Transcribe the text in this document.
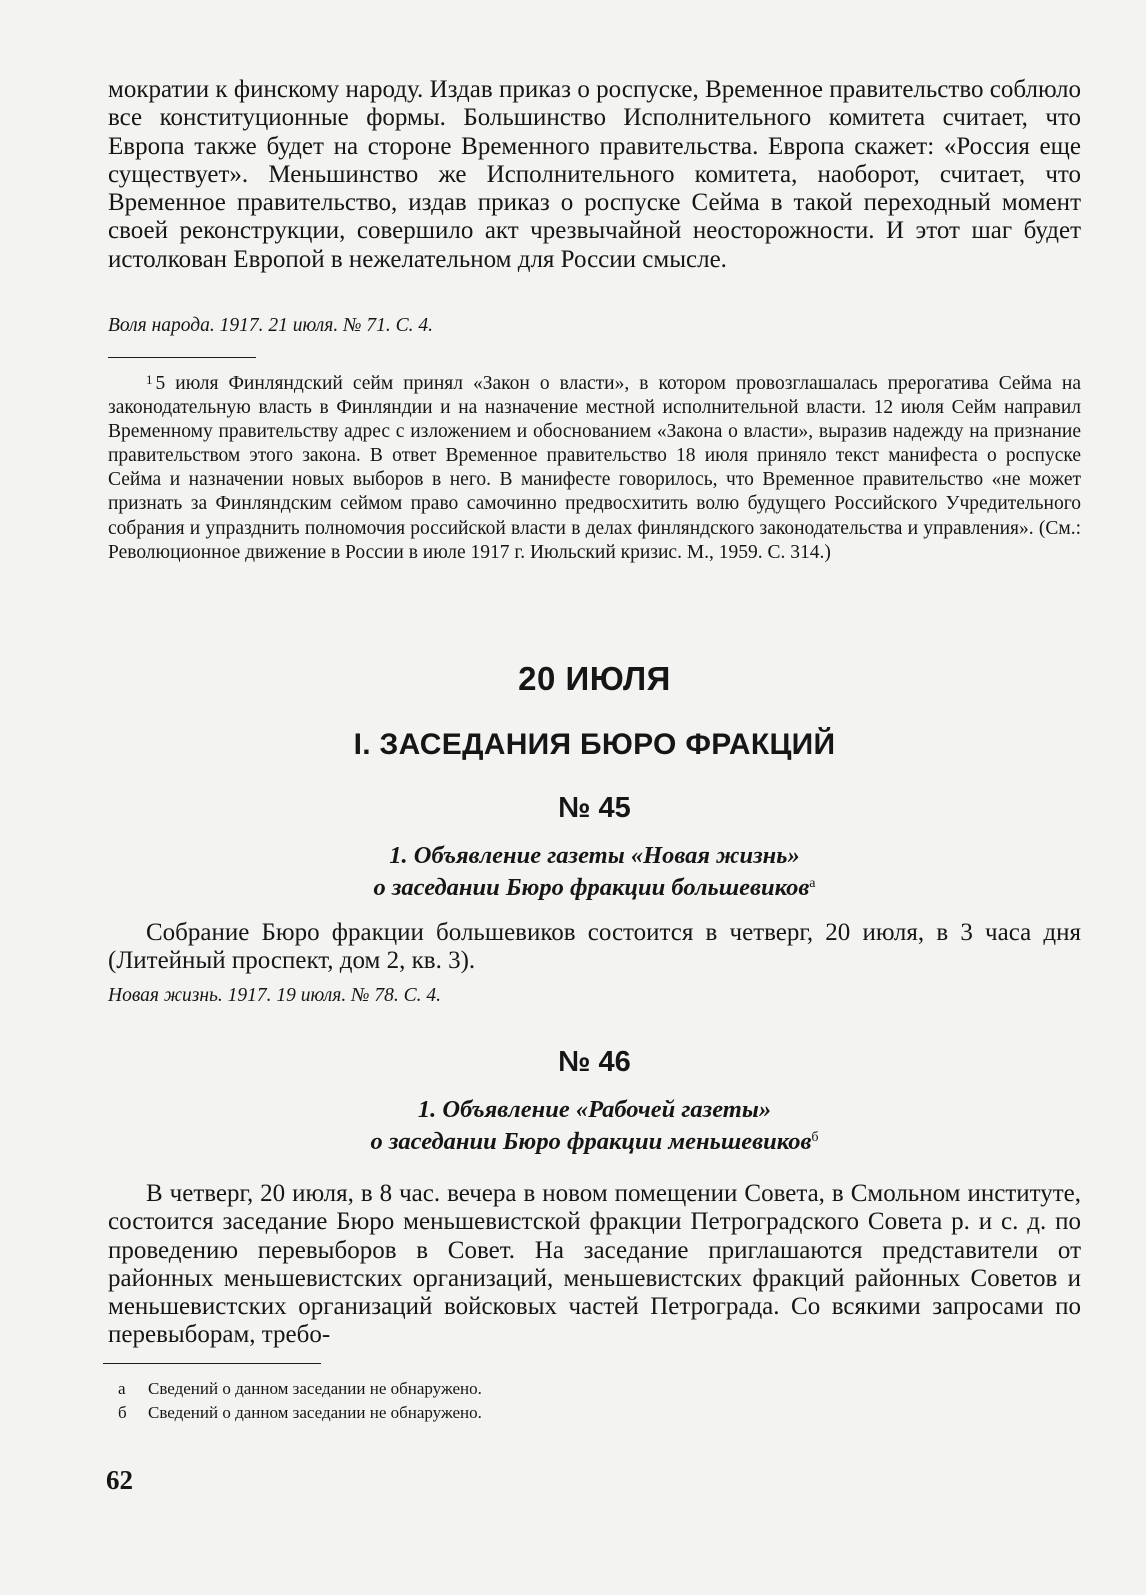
мократии к финскому народу. Издав приказ о роспуске, Временное правительство соблюло все конституционные формы. Большинство Исполнительного комитета считает, что Европа также будет на стороне Временного правительства. Европа скажет: «Россия еще существует». Меньшинство же Исполнительного комитета, наоборот, считает, что Временное правительство, издав приказ о роспуске Сейма в такой переходный момент своей реконструкции, совершило акт чрезвычайной неосторожности. И этот шаг будет истолкован Европой в нежелательном для России смысле.

Воля народа. 1917. 21 июля. № 71. С. 4.

$^1$ 5 июля Финляндский сейм принял «Закон о власти», в котором провозглашалась прерогатива Сейма на законодательную власть в Финляндии и на назначение местной исполнительной власти. 12 июля Сейм направил Временному правительству адрес с изложением и обоснованием «Закона о власти», выразив надежду на признание правительством этого закона. В ответ Временное правительство 18 июля приняло текст манифеста о роспуске Сейма и назначении новых выборов в него. В манифесте говорилось, что Временное правительство «не может признать за Финляндским сеймом право самочинно предвосхитить волю будущего Российского Учредительного собрания и упразднить полномочия российской власти в делах финляндского законодательства и управления». (См.: Революционное движение в России в июле 1917 г. Июльский кризис. М., 1959. С. 314.)

20 ИЮЛЯ
I. ЗАСЕДАНИЯ БЮРО ФРАКЦИЙ
№ 45
1. Объявление газеты «Новая жизнь»
о заседании Бюро фракции большевиков$^а$

Собрание Бюро фракции большевиков состоится в четверг, 20 июля, в 3 часа дня (Литейный проспект, дом 2, кв. 3).

Новая жизнь. 1917. 19 июля. № 78. С. 4.

№ 46
1. Объявление «Рабочей газеты»
о заседании Бюро фракции меньшевиков$^б$

В четверг, 20 июля, в 8 час. вечера в новом помещении Совета, в Смольном институте, состоится заседание Бюро меньшевистской фракции Петроградского Совета р. и с. д. по проведению перевыборов в Совет. На заседание приглашаются представители от районных меньшевистских организаций, меньшевистских фракций районных Советов и меньшевистских организаций войсковых частей Петрограда. Со всякими запросами по перевыборам, требо-

а Сведений о данном заседании не обнаружено.

б Сведений о данном заседании не обнаружено.

62
